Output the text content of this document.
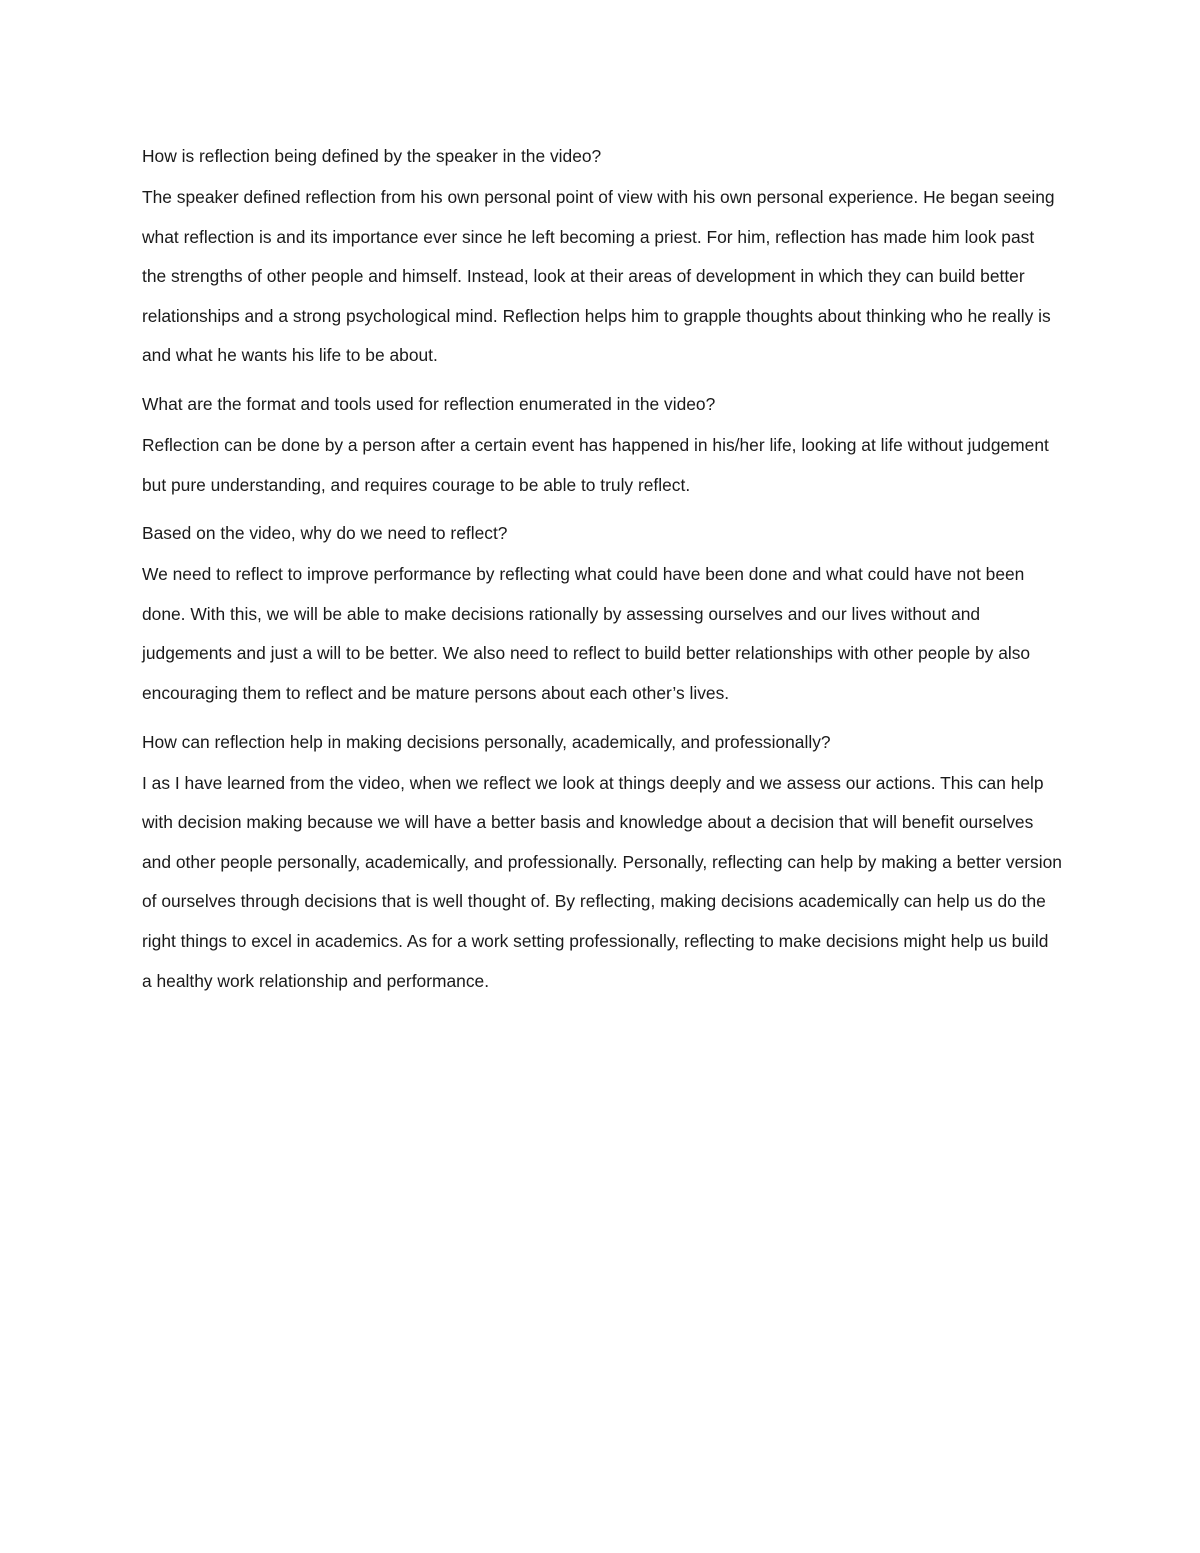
How is reflection being defined by the speaker in the video?

The speaker defined reflection from his own personal point of view with his own personal experience. He began seeing what reflection is and its importance ever since he left becoming a priest. For him, reflection has made him look past the strengths of other people and himself. Instead, look at their areas of development in which they can build better relationships and a strong psychological mind. Reflection helps him to grapple thoughts about thinking who he really is and what he wants his life to be about.

What are the format and tools used for reflection enumerated in the video?

Reflection can be done by a person after a certain event has happened in his/her life, looking at life without judgement but pure understanding, and requires courage to be able to truly reflect.

Based on the video, why do we need to reflect?

We need to reflect to improve performance by reflecting what could have been done and what could have not been done. With this, we will be able to make decisions rationally by assessing ourselves and our lives without and judgements and just a will to be better. We also need to reflect to build better relationships with other people by also encouraging them to reflect and be mature persons about each other’s lives.

How can reflection help in making decisions personally, academically, and professionally?

I as I have learned from the video, when we reflect we look at things deeply and we assess our actions. This can help with decision making because we will have a better basis and knowledge about a decision that will benefit ourselves and other people personally, academically, and professionally. Personally, reflecting can help by making a better version of ourselves through decisions that is well thought of. By reflecting, making decisions academically can help us do the right things to excel in academics. As for a work setting professionally, reflecting to make decisions might help us build a healthy work relationship and performance.
